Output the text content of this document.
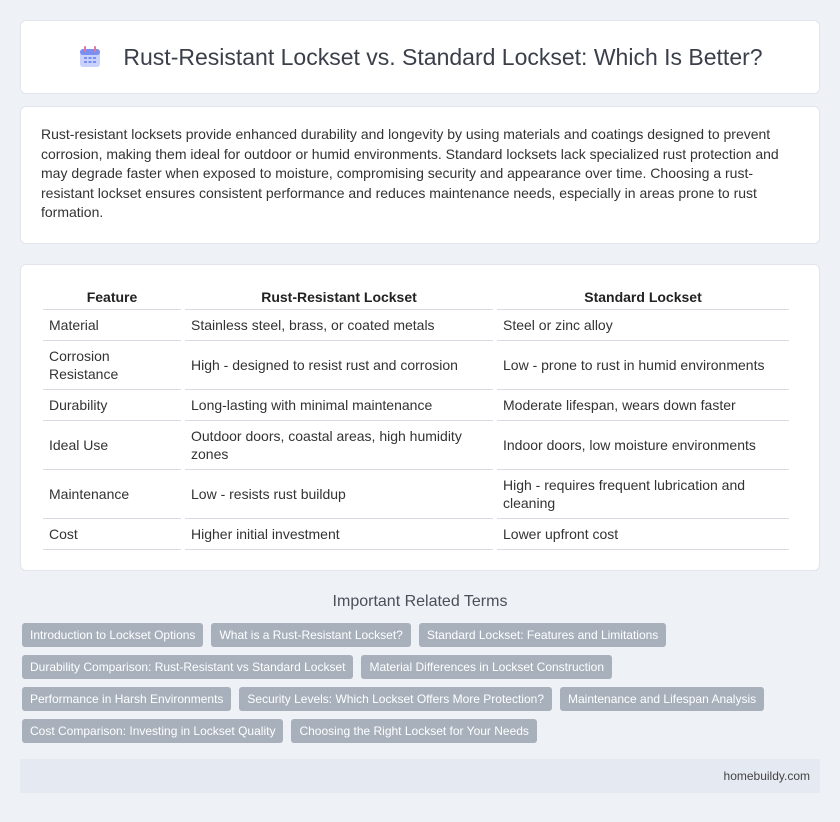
Rust-Resistant Lockset vs. Standard Lockset: Which Is Better?

Rust-resistant locksets provide enhanced durability and longevity by using materials and coatings designed to prevent corrosion, making them ideal for outdoor or humid environments. Standard locksets lack specialized rust protection and may degrade faster when exposed to moisture, compromising security and appearance over time. Choosing a rust-resistant lockset ensures consistent performance and reduces maintenance needs, especially in areas prone to rust formation.

Feature	Rust-Resistant Lockset	Standard Lockset
Material	Stainless steel, brass, or coated metals	Steel or zinc alloy
Corrosion Resistance	High - designed to resist rust and corrosion	Low - prone to rust in humid environments
Durability	Long-lasting with minimal maintenance	Moderate lifespan, wears down faster
Ideal Use	Outdoor doors, coastal areas, high humidity zones	Indoor doors, low moisture environments
Maintenance	Low - resists rust buildup	High - requires frequent lubrication and cleaning
Cost	Higher initial investment	Lower upfront cost
Important Related Terms
Introduction to Lockset Options	What is a Rust-Resistant Lockset?	Standard Lockset: Features and Limitations
Durability Comparison: Rust-Resistant vs Standard Lockset	Material Differences in Lockset Construction
Performance in Harsh Environments	Security Levels: Which Lockset Offers More Protection?	Maintenance and Lifespan Analysis
Cost Comparison: Investing in Lockset Quality	Choosing the Right Lockset for Your Needs
homebuildy.com
